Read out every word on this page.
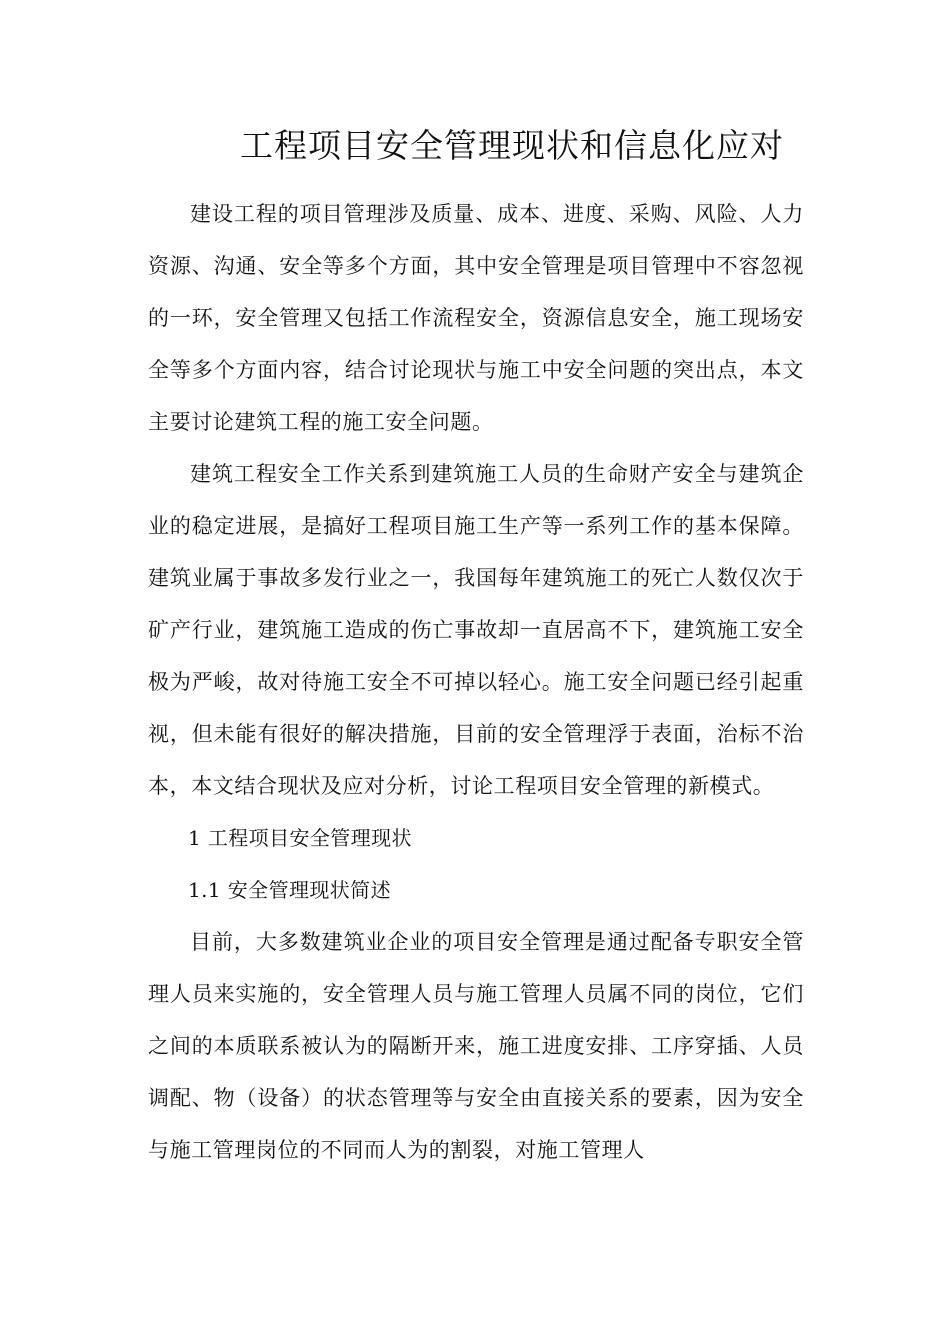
工程项目安全管理现状和信息化应对

建设工程的项目管理涉及质量、成本、进度、采购、风险、人力资源、沟通、安全等多个方面，其中安全管理是项目管理中不容忽视的一环，安全管理又包括工作流程安全，资源信息安全，施工现场安全等多个方面内容，结合讨论现状与施工中安全问题的突出点，本文主要讨论建筑工程的施工安全问题。

建筑工程安全工作关系到建筑施工人员的生命财产安全与建筑企业的稳定进展，是搞好工程项目施工生产等一系列工作的基本保障。建筑业属于事故多发行业之一，我国每年建筑施工的死亡人数仅次于矿产行业，建筑施工造成的伤亡事故却一直居高不下，建筑施工安全极为严峻，故对待施工安全不可掉以轻心。施工安全问题已经引起重视，但未能有很好的解决措施，目前的安全管理浮于表面，治标不治本，本文结合现状及应对分析，讨论工程项目安全管理的新模式。

1 工程项目安全管理现状

1.1 安全管理现状简述

目前，大多数建筑业企业的项目安全管理是通过配备专职安全管理人员来实施的，安全管理人员与施工管理人员属不同的岗位，它们之间的本质联系被认为的隔断开来，施工进度安排、工序穿插、人员调配、物（设备）的状态管理等与安全由直接关系的要素，因为安全与施工管理岗位的不同而人为的割裂，对施工管理人
